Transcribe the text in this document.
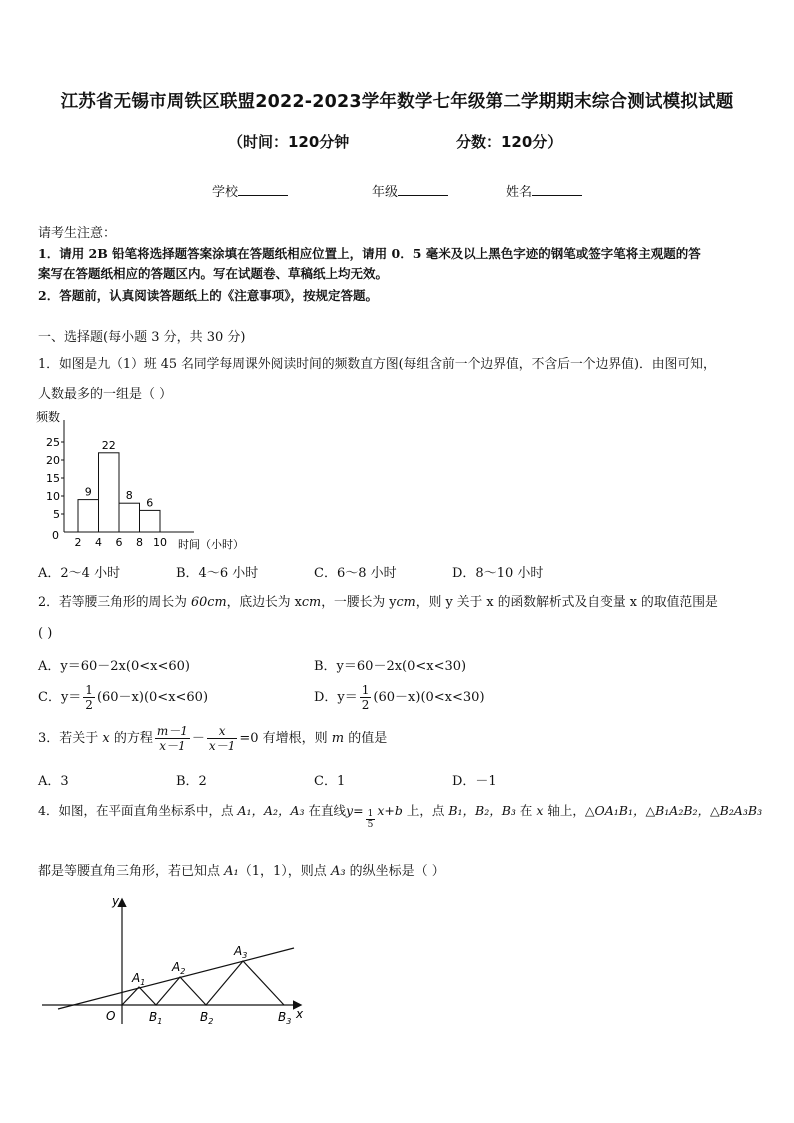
江苏省无锡市周铁区联盟2022-2023学年数学七年级第二学期期末综合测试模拟试题
（时间：120分钟	分数：120分）
学校	年级	姓名
请考生注意：
1．请用 2B 铅笔将选择题答案涂填在答题纸相应位置上，请用 0．5 毫米及以上黑色字迹的钢笔或签字笔将主观题的答
案写在答题纸相应的答题区内。写在试题卷、草稿纸上均无效。
2．答题前，认真阅读答题纸上的《注意事项》，按规定答题。
一、选择题(每小题 3 分，共 30 分)
1．如图是九（1）班 45 名同学每周课外阅读时间的频数直方图(每组含前一个边界值，不含后一个边界值)．由图可知，
人数最多的一组是（ ）
频数
时间（小时）
0
5
10
15
20
25
2 4 6 8 10
9
22
8
6
A．2～4 小时	B．4～6 小时	C．6～8 小时	D．8～10 小时
2．若等腰三角形的周长为 60cm，底边长为 xcm，一腰长为 ycm，则 y 关于 x 的函数解析式及自变量 x 的取值范围是
( )
A．y＝60－2x(0<x<60)	B．y＝60－2x(0<x<30)
C．$y= \frac{1}{2} (60-x)(0<x<60)$	D．$y= \frac{1}{2} (60-x)(0<x<30)$
3．若关于 x 的方程 $\frac{m-1}{x-1} - \frac{x}{x-1} =0$ 有增根，则 m 的值是
A．3	B．2	C．1	D．－1
4．如图，在平面直角坐标系中，点 A₁，A₂，A₃ 在直线$y= \frac{1}{5} x+b$ 上，点 B₁，B₂，B₃ 在 x 轴上，△OA₁B₁，△B₁A₂B₂，△B₂A₃B₃
都是等腰直角三角形，若已知点 A₁（1，1），则点 A₃ 的纵坐标是（ ）
y
x
O
$A_1$
$A_2$
$A_3$
$B_1$	$B_2$	$B_3$
